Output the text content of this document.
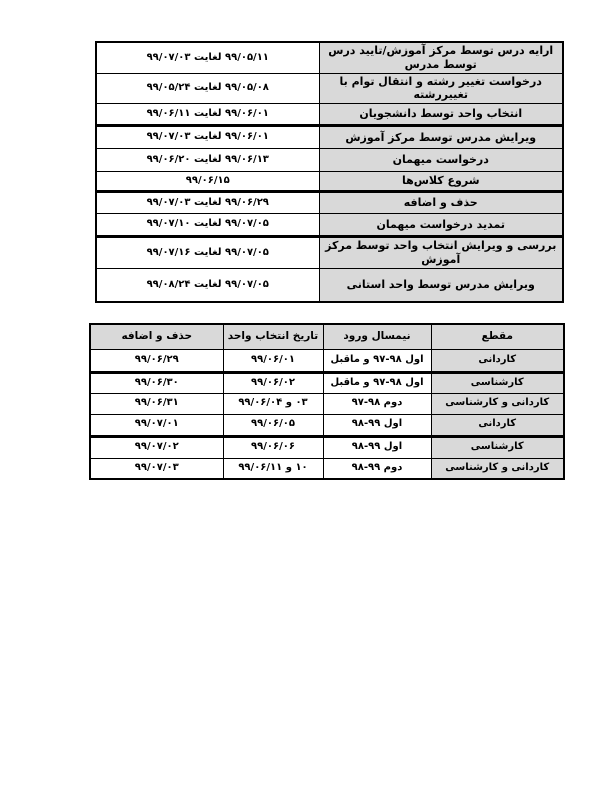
ارایه درس توسط مرکز آموزش/تایید درس توسط مدرس	۹۹/۰۵/۱۱ لغایت ۹۹/۰۷/۰۳
درخواست تغییر رشته و انتقال توام با تغییررشته	۹۹/۰۵/۰۸ لغایت ۹۹/۰۵/۲۴
انتخاب واحد توسط دانشجویان	۹۹/۰۶/۰۱ لغایت ۹۹/۰۶/۱۱
ویرایش مدرس توسط مرکز آموزش	۹۹/۰۶/۰۱ لغایت ۹۹/۰۷/۰۳
درخواست میهمان	۹۹/۰۶/۱۳ لغایت ۹۹/۰۶/۲۰
شروع کلاس‌ها	۹۹/۰۶/۱۵
حذف و اضافه	۹۹/۰۶/۲۹ لغایت ۹۹/۰۷/۰۳
تمدید درخواست میهمان	۹۹/۰۷/۰۵ لغایت ۹۹/۰۷/۱۰
بررسی و ویرایش انتخاب واحد توسط مرکز آموزش	۹۹/۰۷/۰۵ لغایت ۹۹/۰۷/۱۶
ویرایش مدرس توسط واحد استانی	۹۹/۰۷/۰۵ لغایت ۹۹/۰۸/۲۴
مقطع	نیمسال ورود	تاریخ انتخاب واحد	حذف و اضافه
کاردانی	اول ۹۸-۹۷ و ماقبل	۹۹/۰۶/۰۱	۹۹/۰۶/۲۹
کارشناسی	اول ۹۸-۹۷ و ماقبل	۹۹/۰۶/۰۲	۹۹/۰۶/۳۰
کاردانی و کارشناسی	دوم ۹۸-۹۷	۰۳ و ۹۹/۰۶/۰۴	۹۹/۰۶/۳۱
کاردانی	اول ۹۹-۹۸	۹۹/۰۶/۰۵	۹۹/۰۷/۰۱
کارشناسی	اول ۹۹-۹۸	۹۹/۰۶/۰۶	۹۹/۰۷/۰۲
کاردانی و کارشناسی	دوم ۹۹-۹۸	۱۰ و ۹۹/۰۶/۱۱	۹۹/۰۷/۰۳
